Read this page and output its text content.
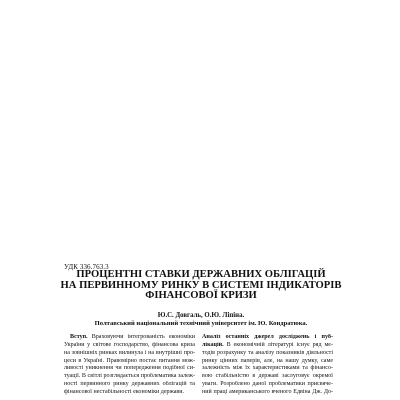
УДК 336.763.3
ПРОЦЕНТНІ СТАВКИ ДЕРЖАВНИХ ОБЛІГАЦІЙ
НА ПЕРВИННОМУ РИНКУ В СИСТЕМІ ІНДИКАТОРІВ
ФІНАНСОВОЇ КРИЗИ
Ю.С. Довгаль, О.Ю. Ліпіна.
Полтавський національний технічний університет ім. Ю. Кондратюка.
 Вступ. Враховуючи інтегрованість економіки
України у світове господарство, фінансова криза
на зовнішніх ринках вилинула і на внутрішні про-
цеси в Україні. Правомірно постає питання мож-
ливості уникнення чи попередження подібної си-
туації. В світлі розглядається проблематика залеж-
ності первинного ринку державних облігацій та
фінансової нестабільності економіки держави.
Аналіз останніх джерел досліджень і пуб-
лікацій. В економічній літературі існує ряд ме-
тодів розрахунку та аналізу показників діяльності
ринку цінних паперів, але, на нашу думку, саме
залежність між їх характеристиками та фінансо-
вою стабільністю в державі заслуговує окремої
уваги. Розроблено даної проблематики присвяче-
ний праці американського вченого Едвіна Дж. До-
